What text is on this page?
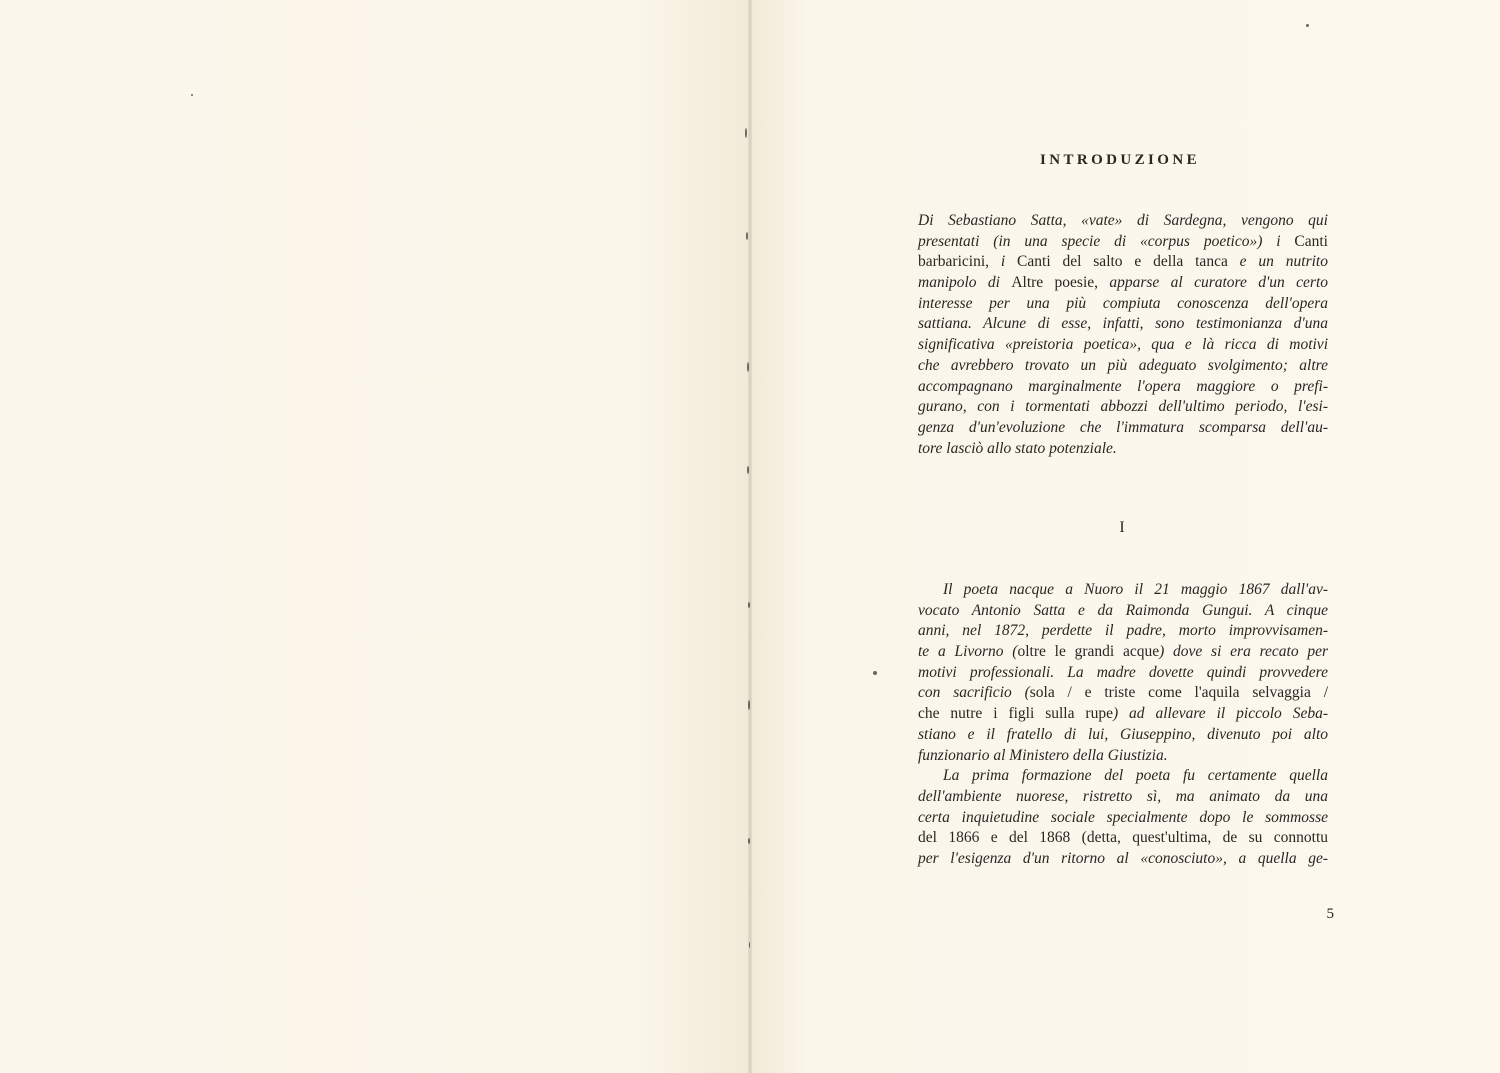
INTRODUZIONE
Di Sebastiano Satta, «vate» di Sardegna, vengono qui
presentati (in una specie di «corpus poetico») i Canti
barbaricini, i Canti del salto e della tanca e un nutrito
manipolo di Altre poesie, apparse al curatore d'un certo
interesse per una più compiuta conoscenza dell'opera
sattiana. Alcune di esse, infatti, sono testimonianza d'una
significativa «preistoria poetica», qua e là ricca di motivi
che avrebbero trovato un più adeguato svolgimento; altre
accompagnano marginalmente l'opera maggiore o prefi-
gurano, con i tormentati abbozzi dell'ultimo periodo, l'esi-
genza d'un'evoluzione che l'immatura scomparsa dell'au-
tore lasciò allo stato potenziale.
I
Il poeta nacque a Nuoro il 21 maggio 1867 dall'av-
vocato Antonio Satta e da Raimonda Gungui. A cinque
anni, nel 1872, perdette il padre, morto improvvisamen-
te a Livorno (oltre le grandi acque) dove si era recato per
motivi professionali. La madre dovette quindi provvedere
con sacrificio (sola / e triste come l'aquila selvaggia /
che nutre i figli sulla rupe) ad allevare il piccolo Seba-
stiano e il fratello di lui, Giuseppino, divenuto poi alto
funzionario al Ministero della Giustizia.
La prima formazione del poeta fu certamente quella
dell'ambiente nuorese, ristretto sì, ma animato da una
certa inquietudine sociale specialmente dopo le sommosse
del 1866 e del 1868 (detta, quest'ultima, de su connottu
per l'esigenza d'un ritorno al «conosciuto», a quella ge-
5
